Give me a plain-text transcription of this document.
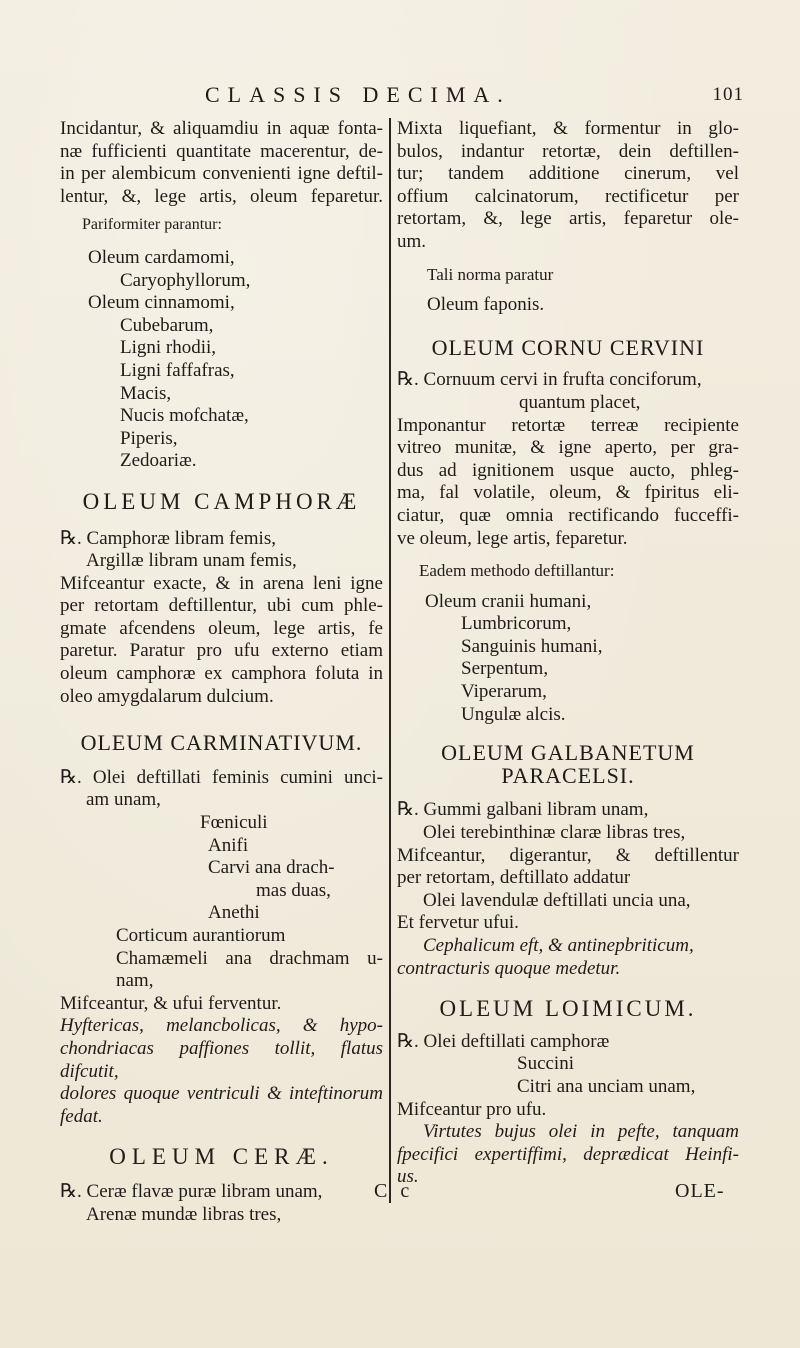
CLASSIS DECIMA.	101

Incidantur, & aliquamdiu in aquæ fonta-

næ fufficienti quantitate macerentur, de-

in per alembicum convenienti igne deftil-

lentur, &, lege artis, oleum feparetur.

Pariformiter parantur:

Oleum cardamomi,

Caryophyllorum,

Oleum cinnamomi,

Cubebarum,

Ligni rhodii,

Ligni faffafras,

Macis,

Nucis mofchatæ,

Piperis,

Zedoariæ.

OLEUM CAMPHORÆ

℞. Camphoræ libram femis,

Argillæ libram unam femis,

Mifceantur exacte, & in arena leni igne

per retortam deftillentur, ubi cum phle-

gmate afcendens oleum, lege artis, fe

paretur. Paratur pro ufu externo etiam

oleum camphoræ ex camphora foluta in

oleo amygdalarum dulcium.

OLEUM CARMINATIVUM.

℞. Olei deftillati feminis cumini unci-

am unam,

Fœniculi

Anifi

Carvi ana drach-

mas duas,

Anethi

Corticum aurantiorum

Chamæmeli ana drachmam u-

nam,

Mifceantur, & ufui ferventur.

Hyftericas, melancbolicas, & hypo-

chondriacas paffiones tollit, flatus difcutit,

dolores quoque ventriculi & inteftinorum

fedat.

OLEUM CERÆ.

℞. Ceræ flavæ puræ libram unam,

Arenæ mundæ libras tres,

Mixta liquefiant, & formentur in glo-

bulos, indantur retortæ, dein deftillen-

tur; tandem additione cinerum, vel

offium calcinatorum, rectificetur per

retortam, &, lege artis, feparetur ole-

um.

Tali norma paratur

Oleum faponis.

OLEUM CORNU CERVINI

℞. Cornuum cervi in frufta conciforum,

quantum placet,

Imponantur retortæ terreæ recipiente

vitreo munitæ, & igne aperto, per gra-

dus ad ignitionem usque aucto, phleg-

ma, fal volatile, oleum, & fpiritus eli-

ciatur, quæ omnia rectificando fucceffi-

ve oleum, lege artis, feparetur.

Eadem methodo deftillantur:

Oleum cranii humani,

Lumbricorum,

Sanguinis humani,

Serpentum,

Viperarum,

Ungulæ alcis.

OLEUM GALBANETUM

PARACELSI.

℞. Gummi galbani libram unam,

Olei terebinthinæ claræ libras tres,

Mifceantur, digerantur, & deftillentur

per retortam, deftillato addatur

Olei lavendulæ deftillati uncia una,

Et fervetur ufui.

Cephalicum eft, & antinepbriticum,

contracturis quoque medetur.

OLEUM LOIMICUM.

℞. Olei deftillati camphoræ

Succini

Citri ana unciam unam,

Mifceantur pro ufu.

Virtutes bujus olei in pefte, tanquam

fpecifici expertiffimi, deprædicat Heinfi-

us.

C c	OLE-
